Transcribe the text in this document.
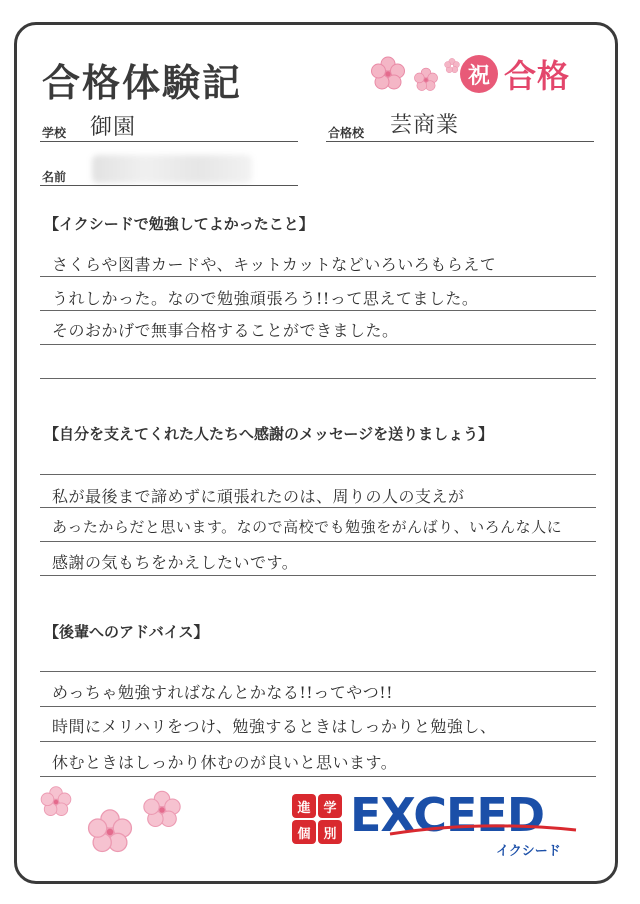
合格体験記	祝 合格
学校 御園	合格校 芸商業
名前
【イクシードで勉強してよかったこと】
さくらや図書カードや、キットカットなどいろいろもらえて
うれしかった。なので勉強頑張ろう!!って思えてました。
そのおかげで無事合格することができました。
【自分を支えてくれた人たちへ感謝のメッセージを送りましょう】
私が最後まで諦めずに頑張れたのは、周りの人の支えが
あったからだと思います。なので高校でも勉強をがんばり、いろんな人に
感謝の気もちをかえしたいです。
【後輩へのアドバイス】
めっちゃ勉強すればなんとかなる!!ってやつ!!
時間にメリハリをつけ、勉強するときはしっかりと勉強し、
休むときはしっかり休むのが良いと思います。
進 学
個 別 EXCEED
イクシード
